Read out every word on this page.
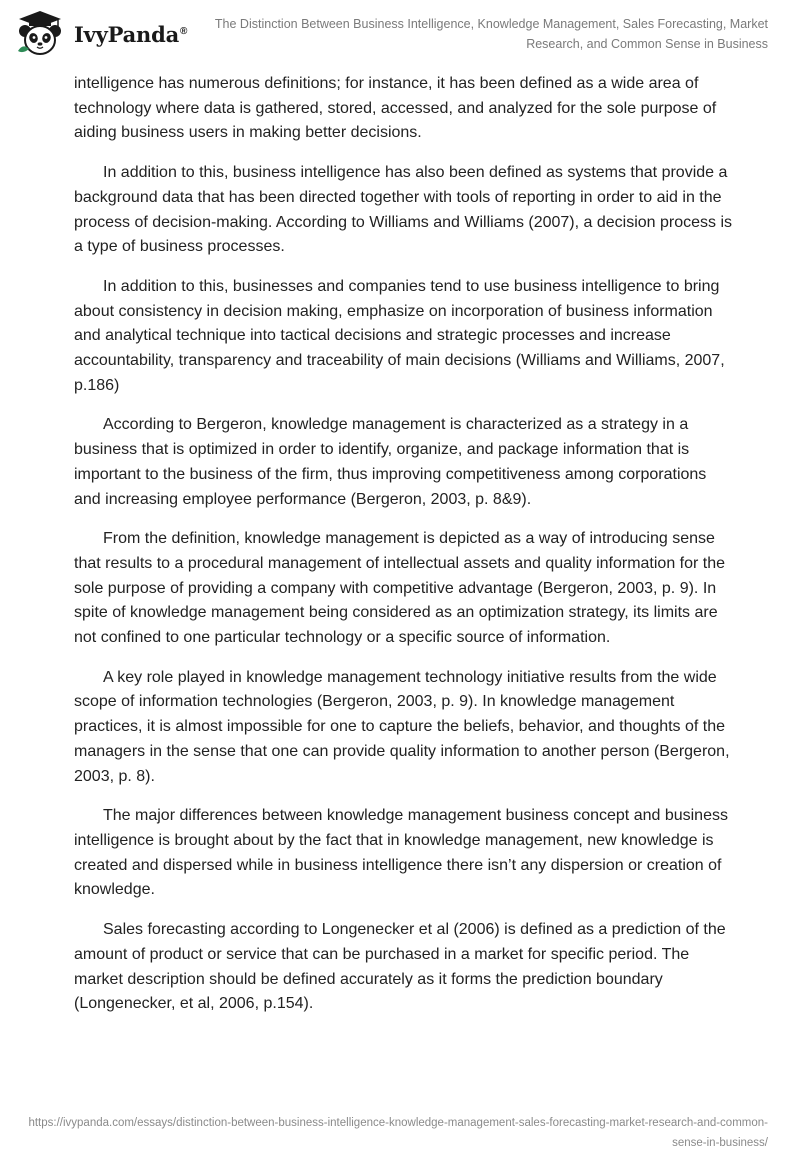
IvyPanda®	The Distinction Between Business Intelligence, Knowledge Management, Sales Forecasting, Market Research, and Common Sense in Business

intelligence has numerous definitions; for instance, it has been defined as a wide area of technology where data is gathered, stored, accessed, and analyzed for the sole purpose of aiding business users in making better decisions.

In addition to this, business intelligence has also been defined as systems that provide a background data that has been directed together with tools of reporting in order to aid in the process of decision-making. According to Williams and Williams (2007), a decision process is a type of business processes.

In addition to this, businesses and companies tend to use business intelligence to bring about consistency in decision making, emphasize on incorporation of business information and analytical technique into tactical decisions and strategic processes and increase accountability, transparency and traceability of main decisions (Williams and Williams, 2007, p.186)

According to Bergeron, knowledge management is characterized as a strategy in a business that is optimized in order to identify, organize, and package information that is important to the business of the firm, thus improving competitiveness among corporations and increasing employee performance (Bergeron, 2003, p. 8&9).

From the definition, knowledge management is depicted as a way of introducing sense that results to a procedural management of intellectual assets and quality information for the sole purpose of providing a company with competitive advantage (Bergeron, 2003, p. 9). In spite of knowledge management being considered as an optimization strategy, its limits are not confined to one particular technology or a specific source of information.

A key role played in knowledge management technology initiative results from the wide scope of information technologies (Bergeron, 2003, p. 9). In knowledge management practices, it is almost impossible for one to capture the beliefs, behavior, and thoughts of the managers in the sense that one can provide quality information to another person (Bergeron, 2003, p. 8).

The major differences between knowledge management business concept and business intelligence is brought about by the fact that in knowledge management, new knowledge is created and dispersed while in business intelligence there isn’t any dispersion or creation of knowledge.

Sales forecasting according to Longenecker et al (2006) is defined as a prediction of the amount of product or service that can be purchased in a market for specific period. The market description should be defined accurately as it forms the prediction boundary (Longenecker, et al, 2006, p.154).

https://ivypanda.com/essays/distinction-between-business-intelligence-knowledge-management-sales-forecasting-market-research-and-common-sense-in-business/
